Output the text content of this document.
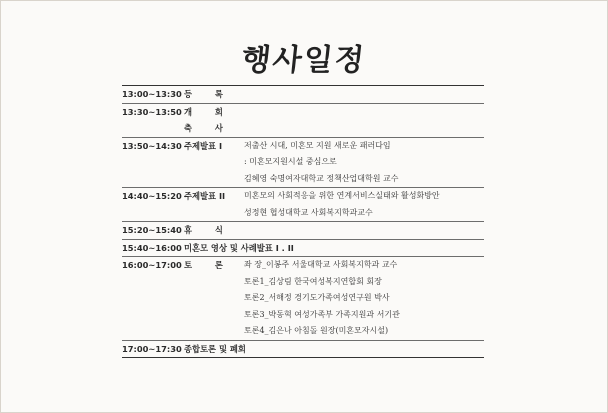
행사일정
13:00~13:30 등 록
13:30~13:50 개 회
축 사
13:50~14:30 주제발표 I	저출산 시대, 미혼모 지원 새로운 패러다임
: 미혼모지원시설 중심으로
김혜영 숙명여자대학교 정책산업대학원 교수
14:40~15:20 주제발표 II	미혼모의 사회적응을 위한 연계서비스실태와 활성화방안
성정현 협성대학교 사회복지학과교수
15:20~15:40 휴 식
15:40~16:00 미혼모 영상 및 사례발표 I . II
16:00~17:00 토 론	좌 장_이봉주 서울대학교 사회복지학과 교수
토론1_김상림 한국여성복지연합회 회장
토론2_서해정 경기도가족여성연구원 박사
토론3_박동혁 여성가족부 가족지원과 서기관
토론4_김은나 아침돌 원장(미혼모자시설)
17:00~17:30 종합토론 및 폐회
